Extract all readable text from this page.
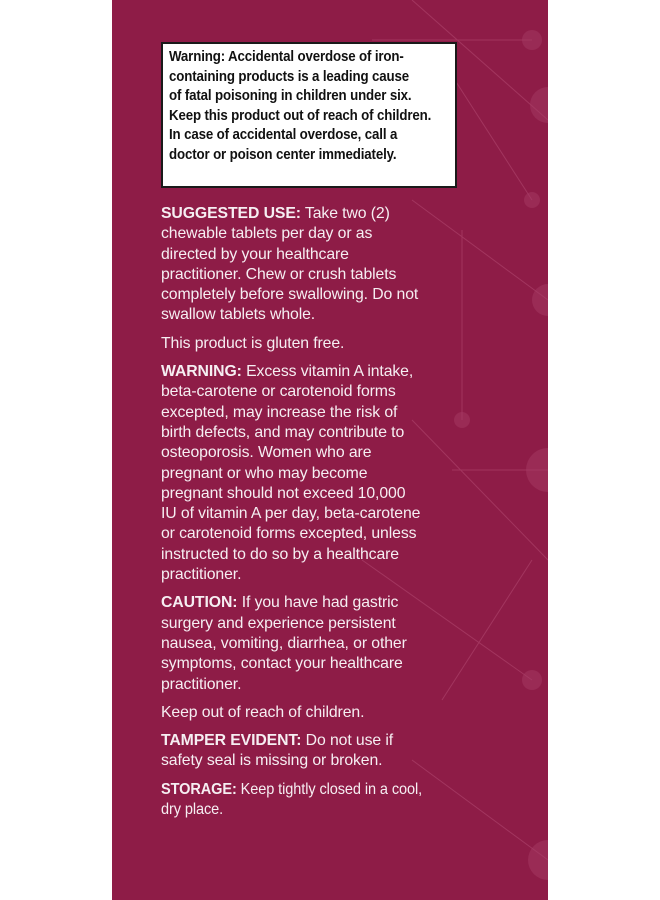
Warning: Accidental overdose of iron-
containing products is a leading cause
of fatal poisoning in children under six.
Keep this product out of reach of children.
In case of accidental overdose, call a
doctor or poison center immediately.
SUGGESTED USE: Take two (2)
chewable tablets per day or as
directed by your healthcare
practitioner. Chew or crush tablets
completely before swallowing. Do not
swallow tablets whole.
This product is gluten free.
WARNING: Excess vitamin A intake,
beta-carotene or carotenoid forms
excepted, may increase the risk of
birth defects, and may contribute to
osteoporosis. Women who are
pregnant or who may become
pregnant should not exceed 10,000
IU of vitamin A per day, beta-carotene
or carotenoid forms excepted, unless
instructed to do so by a healthcare
practitioner.
CAUTION: If you have had gastric
surgery and experience persistent
nausea, vomiting, diarrhea, or other
symptoms, contact your healthcare
practitioner.
Keep out of reach of children.
TAMPER EVIDENT: Do not use if
safety seal is missing or broken.
STORAGE: Keep tightly closed in a cool,
dry place.
